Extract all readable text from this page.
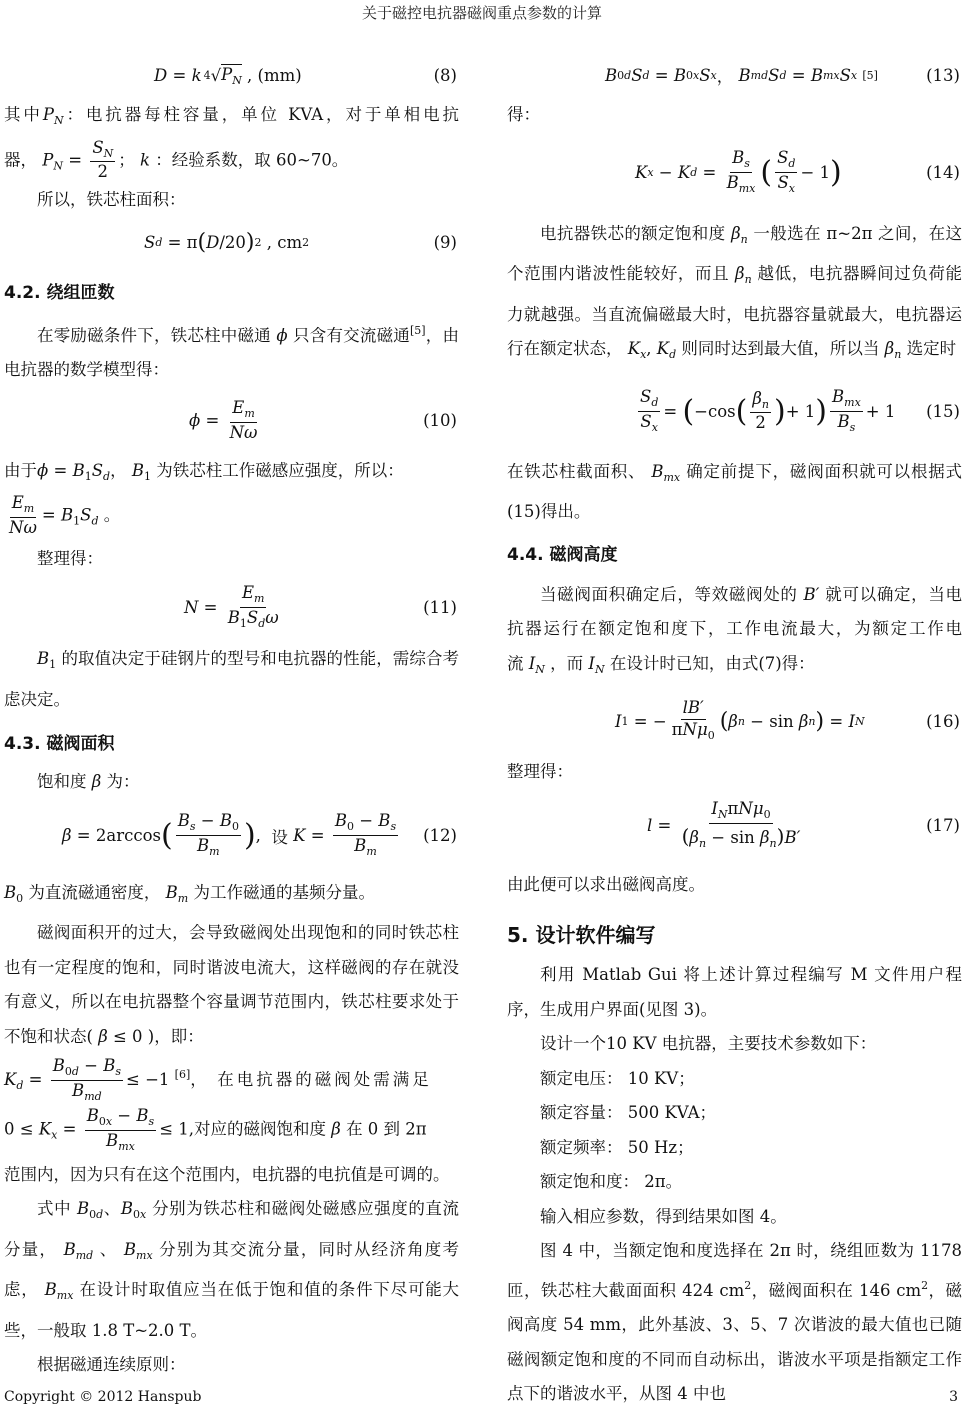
关于磁控电抗器磁阀重点参数的计算
D = k 4 √ $P_N$ , (mm)	(8)

其中$P_N$：电抗器每柱容量，单位 KVA，对于单相电抗器， $P_N = \frac{S_N}{2}$ ； k ：经验系数，取 60~70。

所以，铁芯柱面积：

S d = π ( D /20 ) 2 , cm 2	(9)

4.2. 绕组匝数

在零励磁条件下，铁芯柱中磁通 ϕ 只含有交流磁通[5]，由电抗器的数学模型得：

$\phi = \frac{E_m}{N\omega}$	(10)

由于$\phi = B_1S_d$， $B_1$ 为铁芯柱工作磁感应强度，所以：

$\frac{E_m}{N\omega} = B_1S_d$ 。

整理得：

$N = \frac{E_m}{B_1S_d\omega}$	(11)

$B_1$ 的取值决定于硅钢片的型号和电抗器的性能，需综合考虑决定。

4.3. 磁阀面积

饱和度 β 为：

β = 2arccos ( $\frac{B_s - B_0}{B_m}$ ) , 设
$K = \frac{B_0 - B_s}{B_m} (12)$

$B_0$ 为直流磁通密度， $B_m$ 为工作磁通的基频分量。

磁阀面积开的过大，会导致磁阀处出现饱和的同时铁芯柱也有一定程度的饱和，同时谐波电流大，这样磁阀的存在就没有意义，所以在电抗器整个容量调节范围内，铁芯柱要求处于不饱和状态( β ≤ 0 )，即：

$K_d = \frac{B_{0d} - B_s}{B_{md}} \le -1$ [6]，  在电抗器的磁阀处需满足

$0 \le K_x = \frac{B_{0x} - B_s}{B_{mx}} \le 1$,对应的磁阀饱和度 β 在 0 到 2π

范围内，因为只有在这个范围内，电抗器的电抗值是可调的。

式中 $B_{0d}$、$B_{0x}$ 分别为铁芯柱和磁阀处磁感应强度的直流分量， $B_{md}$ 、 $B_{mx}$ 分别为其交流分量，同时从经济角度考虑， $B_{mx}$ 在设计时取值应当在低于饱和值的条件下尽可能大些，一般取 1.8 T~2.0 T。

根据磁通连续原则：

B 0d S d = B 0x S x ， B md S d = B mx S x
[5]	(13)

得：

K x − K $d = \frac{B_s}{B_{mx}}$ ( $\frac{S_d}{S_x} - 1$ )	(14)

电抗器铁芯的额定饱和度 $\beta_n$ 一般选在 π~2π 之间，在这个范围内谐波性能较好，而且 $\beta_n$ 越低，电抗器瞬间过负荷能力就越强。当直流偏磁最大时，电抗器容量就最大，电抗器运行在额定状态， $K_x$, $K_d$ 则同时达到最大值，所以当 $\beta_n$ 选定时

$\frac{S_d}{S_x}$ = ( −cos ( $\frac{\beta_n}{2}$ ) + 1 ) $\frac{B_{mx}}{B_s} + 1$ (15)

在铁芯柱截面积、 $B_{mx}$ 确定前提下，磁阀面积就可以根据式(15)得出。

4.4. 磁阀高度

当磁阀面积确定后，等效磁阀处的 B′ 就可以确定，当电抗器运行在额定饱和度下，工作电流最大，为额定工作电流 $I_N$ ，而 $I_N$ 在设计时已知，由式(7)得：

I 1 = − $\frac{lB'}{\pi N\mu_0}$ ( β n − sin β n ) = I N	(16)

整理得：

$l = \frac{I_N\pi N\mu_0}{(\beta_n - \sin \beta_n)B'}$	(17)

由此便可以求出磁阀高度。

5. 设计软件编写

利用 Matlab Gui 将上述计算过程编写 M 文件用户程序，生成用户界面(见图 3)。

设计一个10 KV 电抗器，主要技术参数如下：

额定电压： 10 KV；

额定容量： 500 KVA；

额定频率： 50 Hz；

额定饱和度： 2π。

输入相应参数，得到结果如图 4。

图 4 中，当额定饱和度选择在 2π 时，绕组匝数为 1178 匝，铁芯柱大截面面积 424 $cm^2$，磁阀面积在 146 $cm^2$，磁阀高度 54 mm，此外基波、3、5、7 次谐波的最大值也已随磁阀额定饱和度的不同而自动标出，谐波水平项是指额定工作点下的谐波水平，从图 4 中也

Copyright © 2012 Hanspub	3
